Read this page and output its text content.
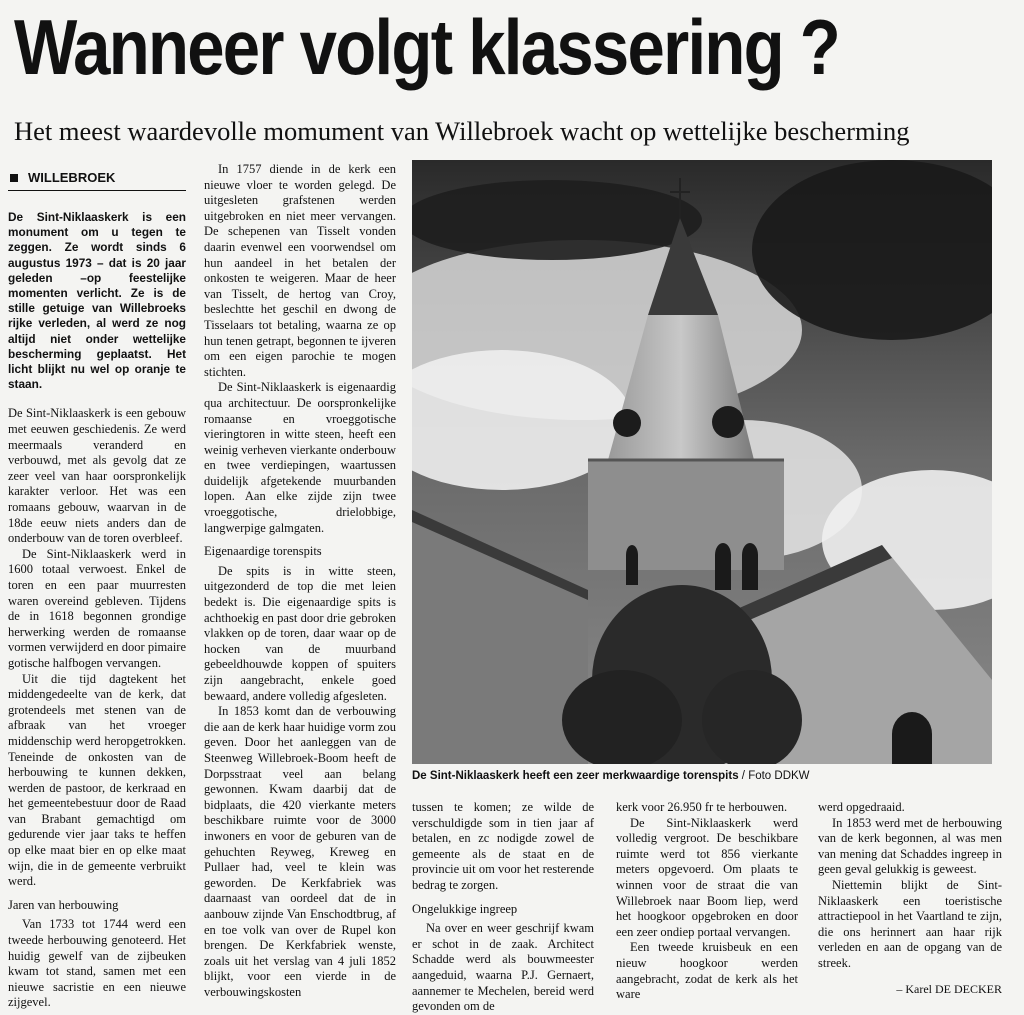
Wanneer volgt klassering ?
Het meest waardevolle momument van Willebroek wacht op wettelijke bescherming
WILLEBROEK

De Sint-Niklaaskerk is een monument om u tegen te zeggen. Ze wordt sinds 6 augustus 1973 – dat is 20 jaar geleden –op feestelijke momenten verlicht. Ze is de stille getuige van Willebroeks rijke verleden, al werd ze nog altijd niet onder wettelijke bescherming geplaatst. Het licht blijkt nu wel op oranje te staan.

De Sint-Niklaaskerk is een gebouw met eeuwen geschiedenis. Ze werd meermaals veranderd en verbouwd, met als gevolg dat ze zeer veel van haar oorspronkelijk karakter verloor. Het was een romaans gebouw, waarvan in de 18de eeuw niets anders dan de onderbouw van de toren overbleef.

De Sint-Niklaaskerk werd in 1600 totaal verwoest. Enkel de toren en een paar muurresten waren overeind gebleven. Tijdens de in 1618 begonnen grondige herwerking werden de romaanse vormen verwijderd en door pimaire gotische halfbogen vervangen.

Uit die tijd dagtekent het middengedeelte van de kerk, dat grotendeels met stenen van de afbraak van het vroeger middenschip werd heropgetrokken. Teneinde de onkosten van de herbouwing te kunnen dekken, werden de pastoor, de kerkraad en het gemeentebestuur door de Raad van Brabant gemachtigd om gedurende vier jaar taks te heffen op elke maat bier en op elke maat wijn, die in de gemeente verbruikt werd.

Jaren van herbouwing

Van 1733 tot 1744 werd een tweede herbouwing genoteerd. Het huidig gewelf van de zijbeuken kwam tot stand, samen met een nieuwe sacristie en een nieuwe zijgevel.

In 1757 diende in de kerk een nieuwe vloer te worden gelegd. De uitgesleten grafstenen werden uitgebroken en niet meer vervangen. De schepenen van Tisselt vonden daarin evenwel een voorwendsel om hun aandeel in het betalen der onkosten te weigeren. Maar de heer van Tisselt, de hertog van Croy, beslechtte het geschil en dwong de Tisselaars tot betaling, waarna ze op hun tenen getrapt, begonnen te ijveren om een eigen parochie te mogen stichten.

De Sint-Niklaaskerk is eigenaardig qua architectuur. De oorspronkelijke romaanse en vroeggotische vieringtoren in witte steen, heeft een weinig verheven vierkante onderbouw en twee verdiepingen, waartussen duidelijk afgetekende muurbanden lopen. Aan elke zijde zijn twee vroeggotische, drielobbige, langwerpige galmgaten.

Eigenaardige torenspits

De spits is in witte steen, uitgezonderd de top die met leien bedekt is. Die eigenaardige spits is achthoekig en past door drie gebroken vlakken op de toren, daar waar op de hocken van de muurband gebeeldhouwde koppen of spuiters zijn aangebracht, enkele goed bewaard, andere volledig afgesleten.

In 1853 komt dan de verbouwing die aan de kerk haar huidige vorm zou geven. Door het aanleggen van de Steenweg Willebroek-Boom heeft de Dorpsstraat veel aan belang gewonnen. Kwam daarbij dat de bidplaats, die 420 vierkante meters beschikbare ruimte voor de 3000 inwoners en voor de geburen van de gehuchten Reyweg, Kreweg en Pullaer had, veel te klein was geworden. De Kerkfabriek was daarnaast van oordeel dat de in aanbouw zijnde Van Enschodtbrug, af en toe volk van over de Rupel kon brengen. De Kerkfabriek wenste, zoals uit het verslag van 4 juli 1852 blijkt, voor een vierde in de verbouwingskosten

De Sint-Niklaaskerk heeft een zeer merkwaardige torenspits / Foto DDKW

tussen te komen; ze wilde de verschuldigde som in tien jaar af betalen, en zc nodigde zowel de gemeente als de staat en de provincie uit om voor het resterende bedrag te zorgen.

Ongelukkige ingreep

Na over en weer geschrijf kwam er schot in de zaak. Architect Schadde werd als bouwmeester aangeduid, waarna P.J. Gernaert, aannemer te Mechelen, bereid werd gevonden om de

kerk voor 26.950 fr te herbouwen.

De Sint-Niklaaskerk werd volledig vergroot. De beschikbare ruimte werd tot 856 vierkante meters opgevoerd. Om plaats te winnen voor de straat die van Willebroek naar Boom liep, werd het hoogkoor opgebroken en door een zeer ondiep portaal vervangen.

Een tweede kruisbeuk en een nieuw hoogkoor werden aangebracht, zodat de kerk als het ware

werd opgedraaid.

In 1853 werd met de herbouwing van de kerk begonnen, al was men van mening dat Schaddes ingreep in geen geval gelukkig is geweest.

Niettemin blijkt de Sint-Niklaaskerk een toeristische attractiepool in het Vaartland te zijn, die ons herinnert aan haar rijk verleden en aan de opgang van de streek.

– Karel DE DECKER
